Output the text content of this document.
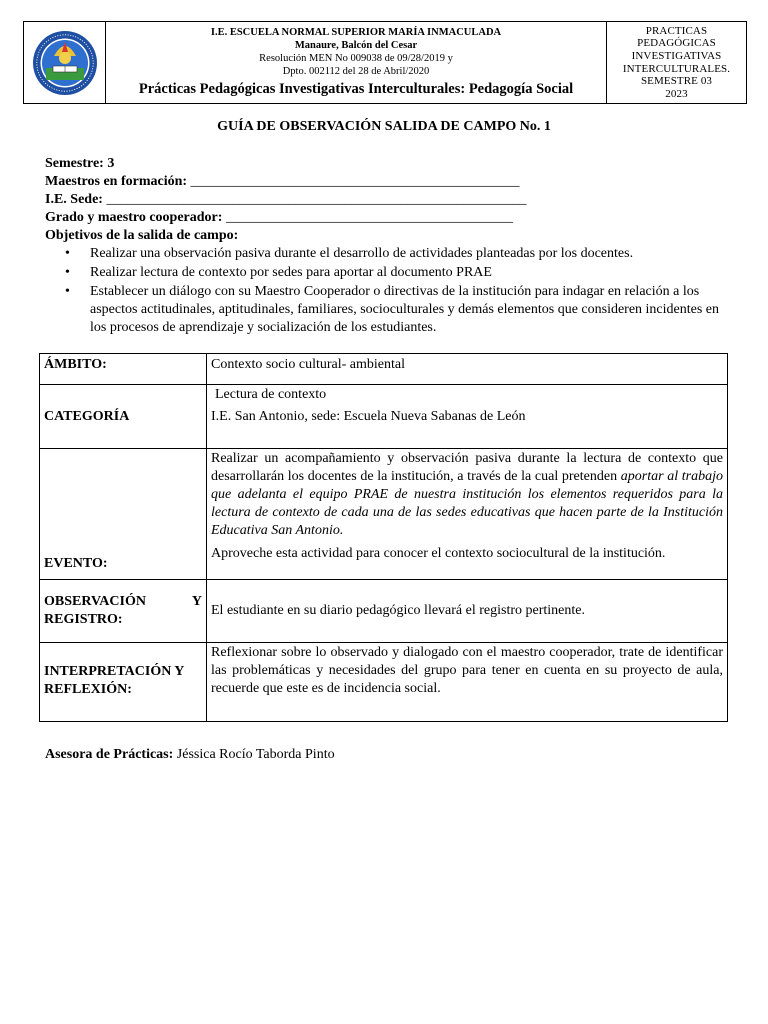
I.E. ESCUELA NORMAL SUPERIOR MARÍA INMACULADA
Manaure, Balcón del Cesar
Resolución MEN No 009038 de 09/28/2019 y
Dpto. 002112 del 28 de Abril/2020
Prácticas Pedagógicas Investigativas Interculturales: Pedagogía Social

PRACTICAS
PEDAGÓGICAS
INVESTIGATIVAS
INTERCULTURALES.
SEMESTRE 03
2023
GUÍA DE OBSERVACIÓN SALIDA DE CAMPO No. 1
Semestre: 3
Maestros en formación: _______________________________________________
I.E. Sede: ____________________________________________________________
Grado y maestro cooperador: _________________________________________
Objetivos de la salida de campo:
• Realizar una observación pasiva durante el desarrollo de actividades planteadas por los docentes.
• Realizar lectura de contexto por sedes para aportar al documento PRAE
• Establecer un diálogo con su Maestro Cooperador o directivas de la institución para indagar en relación a los aspectos actitudinales, aptitudinales, familiares, socioculturales y demás elementos que consideren incidentes en los procesos de aprendizaje y socialización de los estudiantes.
ÁMBITO:	Contexto socio cultural- ambiental
CATEGORÍA	Lectura de contexto
I.E. San Antonio, sede: Escuela Nueva Sabanas de León

EVENTO:	Realizar un acompañamiento y observación pasiva durante la lectura de contexto que desarrollarán los docentes de la institución, a través de la cual pretenden aportar al trabajo que adelanta el equipo PRAE de nuestra institución los elementos requeridos para la lectura de contexto de cada una de las sedes educativas que hacen parte de la Institución Educativa San Antonio.
Aproveche esta actividad para conocer el contexto sociocultural de la institución.

OBSERVACIÓN Y
REGISTRO:	El estudiante en su diario pedagógico llevará el registro pertinente.

INTERPRETACIÓN Y
REFLEXIÓN:	Reflexionar sobre lo observado y dialogado con el maestro cooperador, trate de identificar las problemáticas y necesidades del grupo para tener en cuenta en su proyecto de aula, recuerde que este es de incidencia social.
Asesora de Prácticas: Jéssica Rocío Taborda Pinto
